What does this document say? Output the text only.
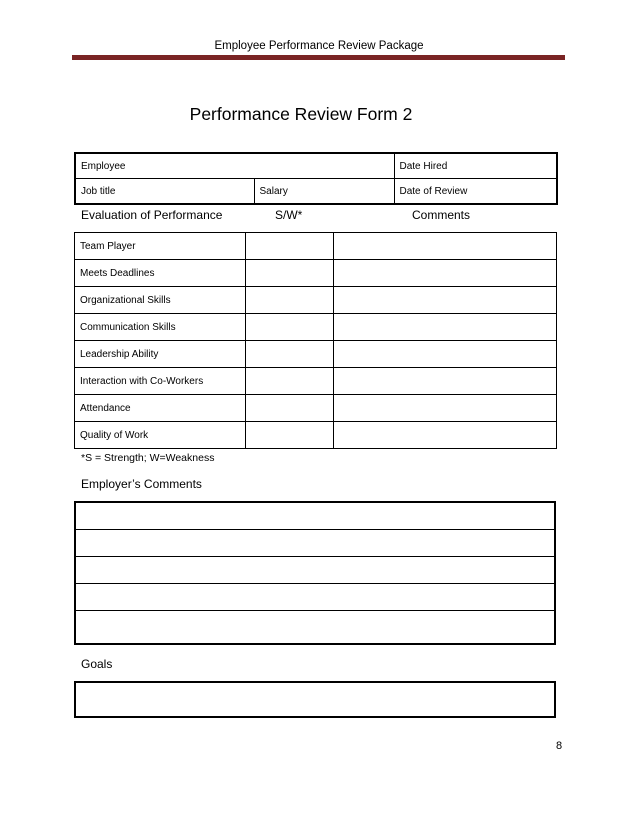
Employee Performance Review Package
Performance Review Form 2
Employee		Date Hired
Job title	Salary	Date of Review
Evaluation of Performance	S/W*	Comments
Team Player		
Meets Deadlines		
Organizational Skills		
Communication Skills		
Leadership Ability		
Interaction with Co-Workers		
Attendance		
Quality of Work		
*S = Strength; W=Weakness
Employer’s Comments

Goals
8
